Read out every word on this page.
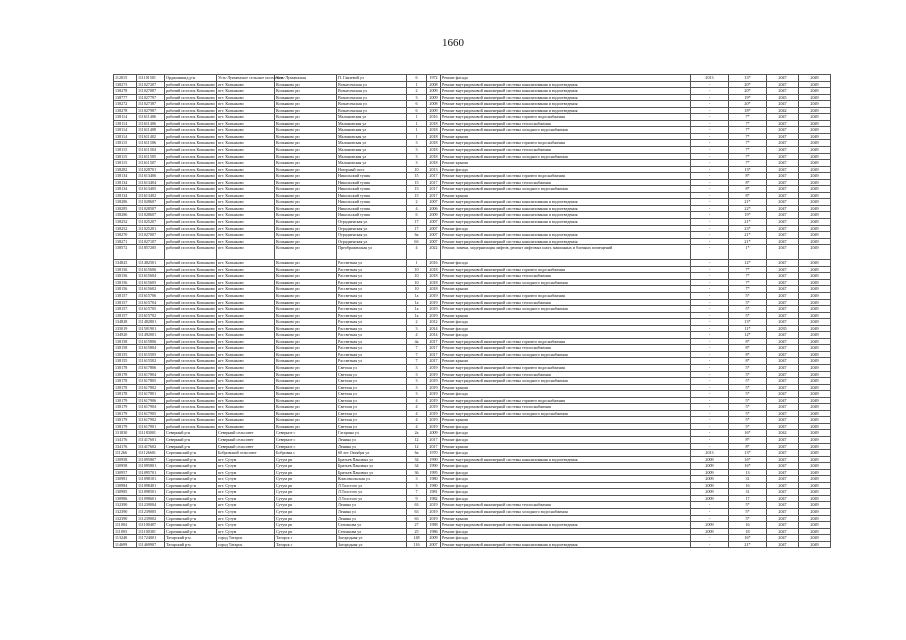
1660
112015	111101501	Орджоникид р-н	Усть-Лукменское сельское поселение	Усть-Лукменская	П. Ганзевой ул	6	1972	Ремонт фасада	2013	13*	2047	2049
138273	111027207	рабочий поселок Копьяково	пгт. Копьяково	Копьяково рп	Вознесенская ул	1	2008	Ремонт внутридомовой инженерной системы канализования и водоотведения	-	20*	2047	2049
138278	111027087	рабочий поселок Копьяково	пгт. Копьяково	Копьяково рп	Вознесенская ул	2	2009	Ремонт внутридомовой инженерной системы канализования и водоотведения	-	20*	2047	2049
138777	111027797	рабочий поселок Копьяково	пгт. Копьяково	Копьяково рп	Вознесенская ул	3	2009	Ремонт внутридомовой инженерной системы канализования и водоотведения	-	19*	2045	2049
138272	111027387	рабочий поселок Копьяково	пгт. Копьяково	Копьяково рп	Вознесенская ул	6	2008	Ремонт внутридомовой инженерной системы канализования и водоотведения	-	20*	2047	2049
138278	111027987	рабочий поселок Копьяково	пгт. Копьяково	Копьяково рп	Вознесенская ул	6	2009	Ремонт внутридомовой инженерной системы канализования и водоотведения	-	18*	2042	2049
138114	111611406	рабочий поселок Копьяково	пгт. Копьяково	Копьяково рп	Малиновская ул	1	2016	Ремонт внутридомовой инженерной системы горячего водоснабжения	-	7*	2047	2049
138114	111611406	рабочий поселок Копьяково	пгт. Копьяково	Копьяково рп	Малиновская ул	1	2018	Ремонт внутридомовой инженерной системы теплоснабжения	-	7*	2047	2049
138114	111611408	рабочий поселок Копьяково	пгт. Копьяково	Копьяково рп	Малиновская ул	1	2018	Ремонт внутридомовой инженерной системы холодного водоснабжения	-	7*	2047	2049
138114	111611402	рабочий поселок Копьяково	пгт. Копьяково	Копьяково рп	Малиновская ул	1	2018	Ремонт крыши	-	7*	2047	2049
138115	111611506	рабочий поселок Копьяково	пгт. Копьяково	Копьяково рп	Малиновская ул	3	2018	Ремонт внутридомовой инженерной системы горячего водоснабжения	-	7*	2047	2049
138115	111611504	рабочий поселок Копьяково	пгт. Копьяково	Копьяково рп	Малиновская ул	3	2018	Ремонт внутридомовой инженерной системы теплоснабжения	-	7*	2047	2049
138115	111611505	рабочий поселок Копьяково	пгт. Копьяково	Копьяково рп	Малиновская ул	3	2018	Ремонт внутридомовой инженерной системы холодного водоснабжения	-	7*	2047	2049
138115	111611507	рабочий поселок Копьяково	пгт. Копьяково	Копьяково рп	Малиновская ул	3	2018	Ремонт крыши	-	7*	2047	2049
138282	111028701	рабочий поселок Копьяково	пгт. Копьяково	Копьяково рп	Нагорный пост	10	2013	Ремонт фасада	-	13*	2047	2049
138134	111613406	рабочий поселок Копьяково	пгт. Копьяково	Копьяково рп	Никольский тупик	15	2017	Ремонт внутридомовой инженерной системы горячего водоснабжения	-	8*	2047	2049
138134	111613404	рабочий поселок Копьяково	пгт. Копьяково	Копьяково рп	Никольский тупик	15	2017	Ремонт внутридомовой инженерной системы теплоснабжения	-	8*	2047	2049
138134	111613405	рабочий поселок Копьяково	пгт. Копьяково	Копьяково рп	Никольский тупик	15	2017	Ремонт внутридомовой инженерной системы холодного водоснабжения	-	8*	2047	2049
138134	111613402	рабочий поселок Копьяково	пгт. Копьяково	Копьяково рп	Никольский тупик	15	2017	Ремонт крыши	-	8*	2047	2049
138286	111028607	рабочий поселок Копьяково	пгт. Копьяково	Копьяково рп	Никольский тупик	2	2007	Ремонт внутридомовой инженерной системы канализования и водоотведения	-	21*	2047	2049
138285	111028507	рабочий поселок Копьяково	пгт. Копьяково	Копьяково рп	Никольский тупик	4	2006	Ремонт внутридомовой инженерной системы канализования и водоотведения	-	22*	2047	2049
138286	111028607	рабочий поселок Копьяково	пгт. Копьяково	Копьяково рп	Никольский тупик	6	2009	Ремонт внутридомовой инженерной системы канализования и водоотведения	-	19*	2047	2049
138252	111025207	рабочий поселок Копьяково	пгт. Копьяково	Копьяково рп	Отрадненская ул	17	2007	Ремонт внутридомовой инженерной системы канализования и водоотведения	-	21*	2047	2049
138252	111025201	рабочий поселок Копьяково	пгт. Копьяково	Копьяково рп	Отрадненская ул	17	2007	Ремонт фасада	-	23*	2047	2049
138270	111027007	рабочий поселок Копьяково	пгт. Копьяково	Копьяково рп	Отрадненская ул	6а	2007	Ремонт внутридомовой инженерной системы канализования и водоотведения	-	21*	2047	2049
138271	111027107	рабочий поселок Копьяково	пгт. Копьяково	Копьяково рп	Отрадненская ул	6б	2007	Ремонт внутридомовой инженерной системы канализования и водоотведения	-	21*	2047	2049
138572	111857205	рабочий поселок Копьяково	пгт. Копьяково	Копьяково рп	Преображенская ул	4	2022	Ремонт, замена, модернизация лифтов, ремонт лифтовых шахт, машинных и блочных помещений	-	1*	2047	2049
134825	111482501	рабочий поселок Копьяково	пгт. Копьяково	Копьяково рп	Рассветная ул	1	2016	Ремонт фасада	-	12*	2047	2049
138156	111615606	рабочий поселок Копьяково	пгт. Копьяково	Копьяково рп	Рассветная ул	10	2018	Ремонт внутридомовой инженерной системы горячего водоснабжения	-	7*	2047	2049
138156	111615604	рабочий поселок Копьяково	пгт. Копьяково	Копьяково рп	Рассветная ул	10	2018	Ремонт внутридомовой инженерной системы теплоснабжения	-	7*	2047	2049
138156	111615605	рабочий поселок Копьяково	пгт. Копьяково	Копьяково рп	Рассветная ул	10	2018	Ремонт внутридомовой инженерной системы холодного водоснабжения	-	7*	2047	2049
138156	111615602	рабочий поселок Копьяково	пгт. Копьяково	Копьяково рп	Рассветная ул	10	2018	Ремонт крыши	-	7*	2047	2049
138157	111615706	рабочий поселок Копьяково	пгт. Копьяково	Копьяково рп	Рассветная ул	1а	2019	Ремонт внутридомовой инженерной системы горячего водоснабжения	-	5*	2047	2049
138157	111615704	рабочий поселок Копьяково	пгт. Копьяково	Копьяково рп	Рассветная ул	1а	2019	Ремонт внутридомовой инженерной системы теплоснабжения	-	5*	2047	2049
138157	111615705	рабочий поселок Копьяково	пгт. Копьяково	Копьяково рп	Рассветная ул	1а	2019	Ремонт внутридомовой инженерной системы холодного водоснабжения	-	5*	2047	2049
138157	111615702	рабочий поселок Копьяково	пгт. Копьяково	Копьяково рп	Рассветная ул	1а	2019	Ремонт крыши	-	5*	2047	2049
134828	111482801	рабочий поселок Копьяково	пгт. Копьяково	Копьяково рп	Рассветная ул	2	2012	Ремонт фасада	-	13*	2047	2049
135019	111501901	рабочий поселок Копьяково	пгт. Копьяково	Копьяково рп	Рассветная ул	3	2014	Ремонт фасада	-	11*	2035	2049
134920	111492001	рабочий поселок Копьяково	пгт. Копьяково	Копьяково рп	Рассветная ул	4	2014	Ремонт фасада	-	12*	2047	2049
138158	111615806	рабочий поселок Копьяково	пгт. Копьяково	Копьяково рп	Рассветная ул	4а	2017	Ремонт внутридомовой инженерной системы горячего водоснабжения	-	8*	2047	2049
138158	111615804	рабочий поселок Копьяково	пгт. Копьяково	Копьяково рп	Рассветная ул	7	2017	Ремонт внутридомовой инженерной системы теплоснабжения	-	8*	2047	2049
138155	111615505	рабочий поселок Копьяково	пгт. Копьяково	Копьяково рп	Рассветная ул	7	2017	Ремонт внутридомовой инженерной системы холодного водоснабжения	-	8*	2047	2049
138155	111615502	рабочий поселок Копьяково	пгт. Копьяково	Копьяково рп	Рассветная ул	7	2017	Ремонт крыши	-	8*	2047	2049
138178	111617806	рабочий поселок Копьяково	пгт. Копьяково	Копьяково рп	Светлая ул	3	2019	Ремонт внутридомовой инженерной системы горячего водоснабжения	-	5*	2047	2049
138178	111617804	рабочий поселок Копьяково	пгт. Копьяково	Копьяково рп	Светлая ул	3	2019	Ремонт внутридомовой инженерной системы теплоснабжения	-	5*	2047	2049
138178	111617805	рабочий поселок Копьяково	пгт. Копьяково	Копьяково рп	Светлая ул	3	2019	Ремонт внутридомовой инженерной системы холодного водоснабжения	-	5*	2047	2049
138178	111617802	рабочий поселок Копьяково	пгт. Копьяково	Копьяково рп	Светлая ул	3	2019	Ремонт крыши	-	5*	2047	2049
138178	111617801	рабочий поселок Копьяково	пгт. Копьяково	Копьяково рп	Светлая ул	3	2019	Ремонт фасада	-	5*	2047	2049
138179	111617906	рабочий поселок Копьяково	пгт. Копьяково	Копьяково рп	Светлая ул	4	2019	Ремонт внутридомовой инженерной системы горячего водоснабжения	-	5*	2047	2049
138179	111617904	рабочий поселок Копьяково	пгт. Копьяково	Копьяково рп	Светлая ул	4	2019	Ремонт внутридомовой инженерной системы теплоснабжения	-	5*	2047	2049
138179	111617905	рабочий поселок Копьяково	пгт. Копьяково	Копьяково рп	Светлая ул	4	2019	Ремонт внутридомовой инженерной системы холодного водоснабжения	-	5*	2047	2049
138179	111617902	рабочий поселок Копьяково	пгт. Копьяково	Копьяково рп	Светлая ул	4	2019	Ремонт крыши	-	5*	2047	2049
138179	111617901	рабочий поселок Копьяково	пгт. Копьяково	Копьяково рп	Светлая ул	4	2019	Ремонт фасада	-	5*	2047	2049
131830	111183001	Северный р-н	Северный сельсовет	Северное с	Гагарина ул	2а	2009	Ремонт фасада	-	16*	2042	2049
134176	111417601	Северный р-н	Северный сельсовет	Северное с	Ленина ул	12	2017	Ремонт фасада	-	8*	2047	2049
134176	111417602	Северный р-н	Северный сельсовет	Северное с	Ленина ул	12	2017	Ремонт крыши	-	8*	2047	2049
111266	111126601	Сорочинский р-н	Бобровский сельсовет	Бобровка с	60 лет Октября ул	6а	1970	Ремонт фасада	2013	13*	2047	2049
130958	111095807	Сорочинский р-н	пгт. Сутум	Сутум рп	Братьев Пановых ул	34	1990	Ремонт внутридомовой инженерной системы канализования и водоотведения	2009	16*	2047	2049
130958	111095801	Сорочинский р-н	пгт. Сутум	Сутум рп	Братьев Пановых ул	34	1990	Ремонт фасада	2009	16*	2047	2049
130957	111095701	Сорочинский р-н	пгт. Сутум	Сутум рп	Братьев Пановых ул	36	1995	Ремонт фасада	2009	13	2047	2049
130981	111098101	Сорочинский р-н	пгт. Сутум	Сутум рп	Комсомольская ул	3	1980	Ремонт фасада	2009	31	2047	2049
130984	111098401	Сорочинский р-н	пгт. Сутум	Сутум рп	Л.Толстого ул	3	1980	Ремонт фасада	2009	16	2047	2049
130985	111098501	Сорочинский р-н	пгт. Сутум	Сутум рп	Л.Толстого ул	7	1981	Ремонт фасада	2009	31	2047	2049
130986	111098601	Сорочинский р-н	пгт. Сутум	Сутум рп	Л.Толстого ул	9	1982	Ремонт фасада	2009	17	2047	2049
132390	111239004	Сорочинский р-н	пгт. Сутум	Сутум рп	Ленина ул	63	2019	Ремонт внутридомовой инженерной системы теплоснабжения	-	5*	2047	2049
132390	111239005	Сорочинский р-н	пгт. Сутум	Сутум рп	Ленина ул	63	2019	Ремонт внутридомовой инженерной системы холодного водоснабжения	-	5*	2047	2049
132390	111239002	Сорочинский р-н	пгт. Сутум	Сутум рп	Ленина ул	63	2019	Ремонт крыши	-	5*	2047	2049
111004	111100407	Сорочинский р-н	пгт. Сутум	Сутум рп	Степанова ул	27	1988	Ремонт внутридомовой инженерной системы канализования и водоотведения	2009	16	2047	2049
111003	111100301	Сорочинский р-н	пгт. Сутум	Сутум рп	Степанова ул	25	1986	Ремонт фасада	2009	18	2047	2049
113240	111724001	Татарский р-н	город Татарск	Татарск г	Загородная ул	148	2009	Ремонт фасада	-	16*	2047	2049
114699	111469907	Татарский р-н	город Татарск	Татарск г	Загородная ул	116	2007	Ремонт внутридомовой инженерной системы канализования и водоотведения	-	21*	2047	2049
